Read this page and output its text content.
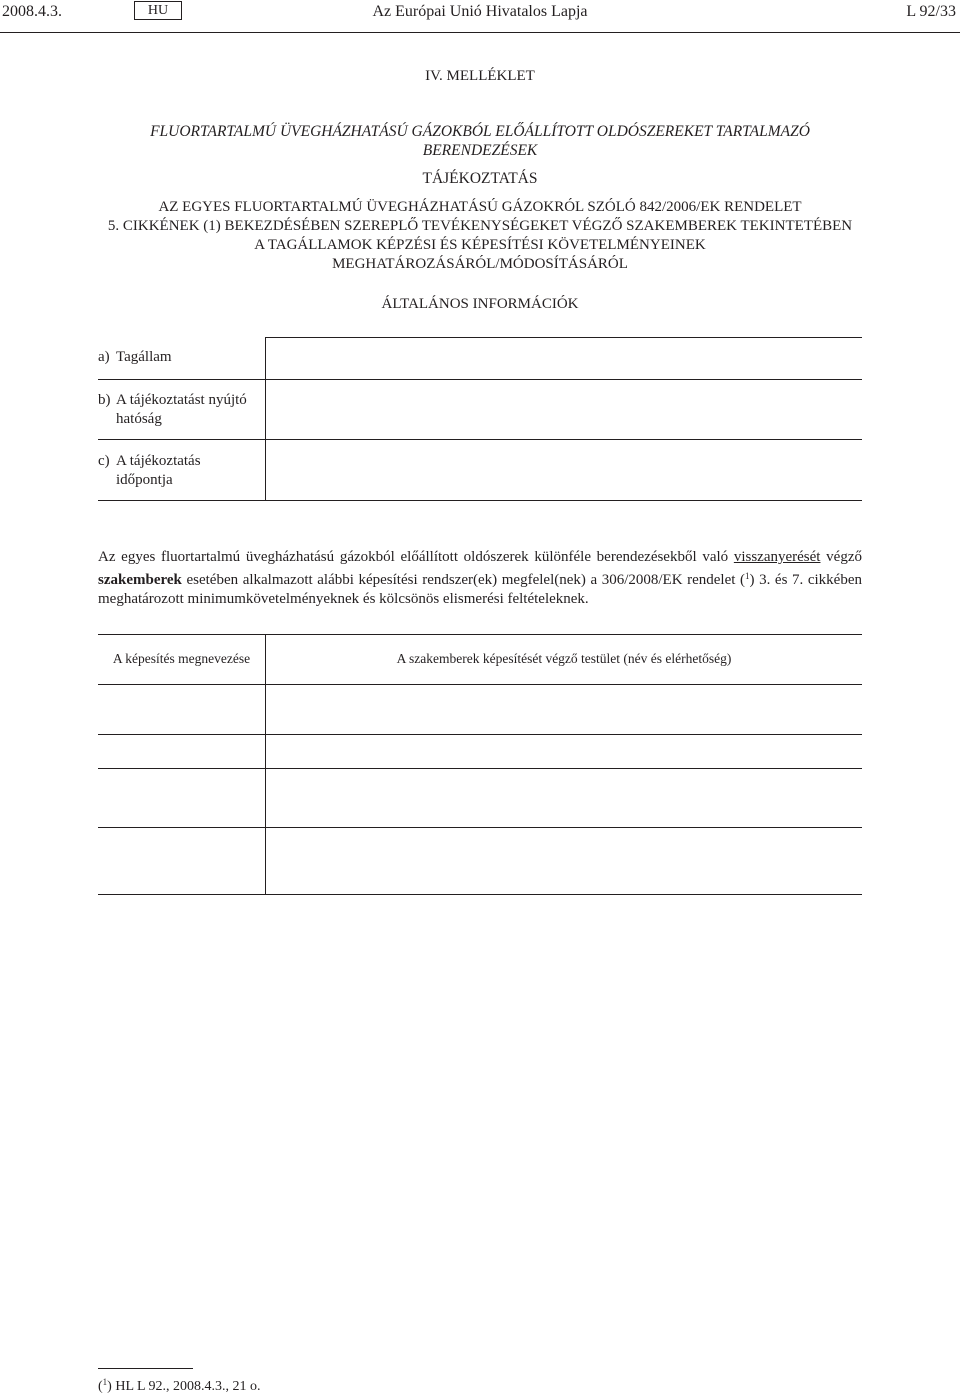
2008.4.3.	HU	Az Európai Unió Hivatalos Lapja	L 92/33
IV. MELLÉKLET
FLUORTARTALMÚ ÜVEGHÁZHATÁSÚ GÁZOKBÓL ELŐÁLLÍTOTT OLDÓSZEREKET TARTALMAZÓ BERENDEZÉSEK
TÁJÉKOZTATÁS
AZ EGYES FLUORTARTALMÚ ÜVEGHÁZHATÁSÚ GÁZOKRÓL SZÓLÓ 842/2006/EK RENDELET
5. CIKKÉNEK (1) BEKEZDÉSÉBEN SZEREPLŐ TEVÉKENYSÉGEKET VÉGZŐ SZAKEMBEREK TEKINTETÉBEN
A TAGÁLLAMOK KÉPZÉSI ÉS KÉPESÍTÉSI KÖVETELMÉNYEINEK
MEGHATÁROZÁSÁRÓL/MÓDOSÍTÁSÁRÓL
ÁLTALÁNOS INFORMÁCIÓK
a) Tagállam
b) A tájékoztatást nyújtó
hatóság
c) A tájékoztatás
időpontja
Az egyes fluortartalmú üvegházhatású gázokból előállított oldószerek különféle berendezésekből való visszanyerését végző szakemberek esetében alkalmazott alábbi képesítési rendszer(ek) megfelel(nek) a 306/2008/EK rendelet ($^1$) 3. és 7. cikkében meghatározott minimumkövetelményeknek és kölcsönös elismerési feltételeknek.
A képesítés megnevezése	A szakemberek képesítését végző testület (név és elérhetőség)
($^1$) HL L 92., 2008.4.3., 21 o.
